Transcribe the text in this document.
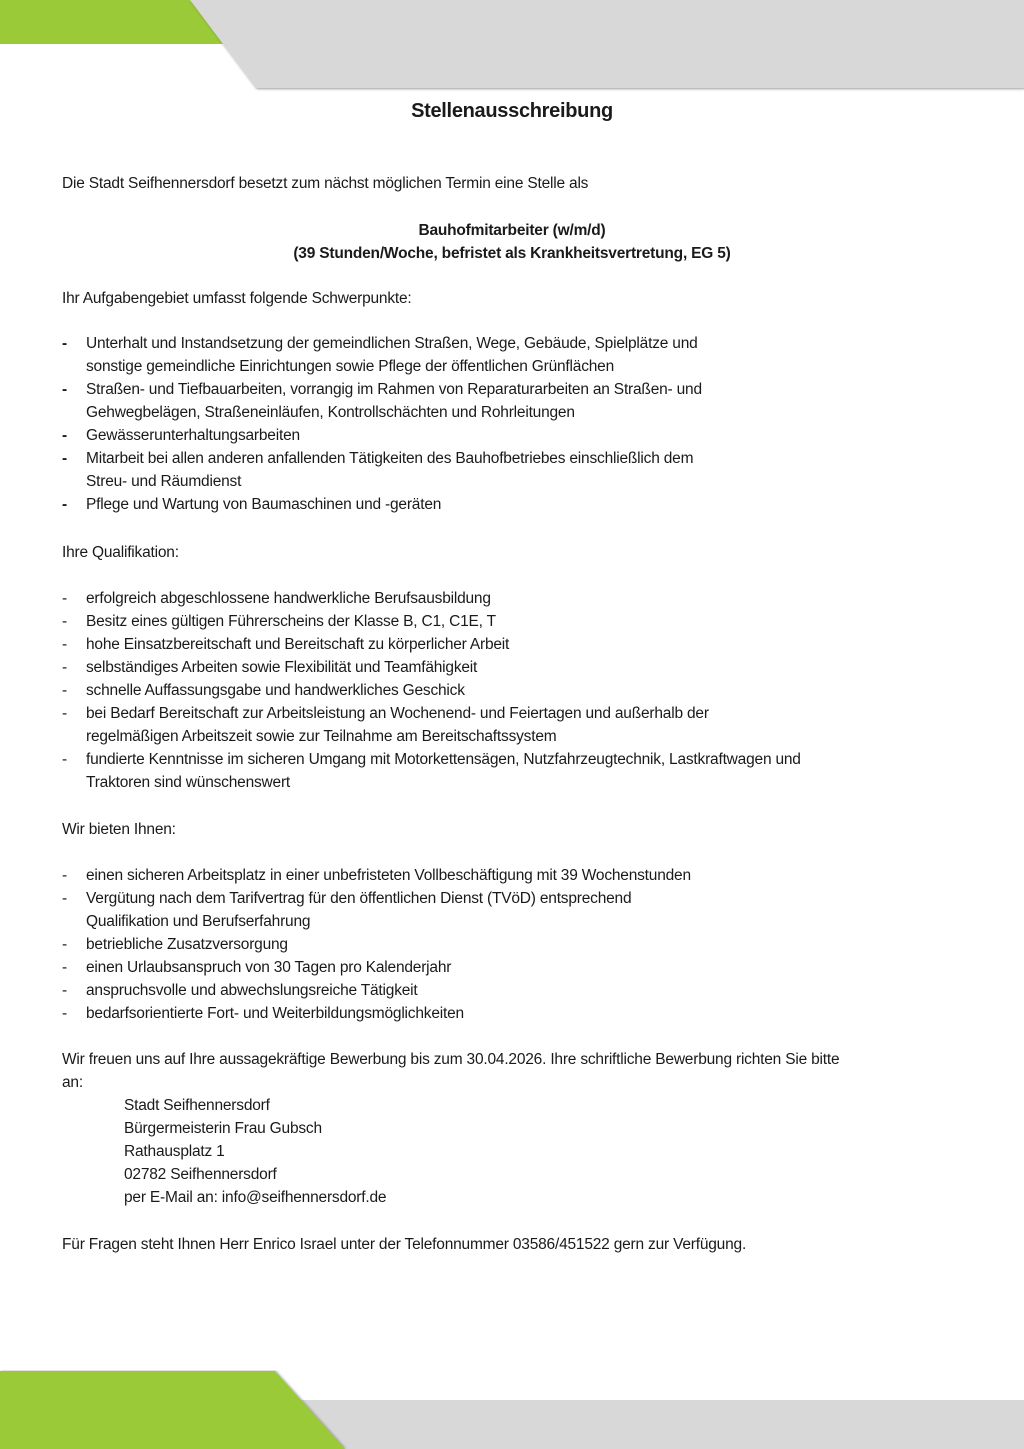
Stellenausschreibung
Die Stadt Seifhennersdorf besetzt zum nächst möglichen Termin eine Stelle als
Bauhofmitarbeiter (w/m/d)
(39 Stunden/Woche, befristet als Krankheitsvertretung, EG 5)
Ihr Aufgabengebiet umfasst folgende Schwerpunkte:
- Unterhalt und Instandsetzung der gemeindlichen Straßen, Wege, Gebäude, Spielplätze und
sonstige gemeindliche Einrichtungen sowie Pflege der öffentlichen Grünflächen
- Straßen- und Tiefbauarbeiten, vorrangig im Rahmen von Reparaturarbeiten an Straßen- und
Gehwegbelägen, Straßeneinläufen, Kontrollschächten und Rohrleitungen
- Gewässerunterhaltungsarbeiten
- Mitarbeit bei allen anderen anfallenden Tätigkeiten des Bauhofbetriebes einschließlich dem
Streu- und Räumdienst
- Pflege und Wartung von Baumaschinen und -geräten
Ihre Qualifikation:
- erfolgreich abgeschlossene handwerkliche Berufsausbildung
- Besitz eines gültigen Führerscheins der Klasse B, C1, C1E, T
- hohe Einsatzbereitschaft und Bereitschaft zu körperlicher Arbeit
- selbständiges Arbeiten sowie Flexibilität und Teamfähigkeit
- schnelle Auffassungsgabe und handwerkliches Geschick
- bei Bedarf Bereitschaft zur Arbeitsleistung an Wochenend- und Feiertagen und außerhalb der
regelmäßigen Arbeitszeit sowie zur Teilnahme am Bereitschaftssystem
- fundierte Kenntnisse im sicheren Umgang mit Motorkettensägen, Nutzfahrzeugtechnik, Lastkraftwagen und
Traktoren sind wünschenswert
Wir bieten Ihnen:
- einen sicheren Arbeitsplatz in einer unbefristeten Vollbeschäftigung mit 39 Wochenstunden
- Vergütung nach dem Tarifvertrag für den öffentlichen Dienst (TVöD) entsprechend
Qualifikation und Berufserfahrung
- betriebliche Zusatzversorgung
- einen Urlaubsanspruch von 30 Tagen pro Kalenderjahr
- anspruchsvolle und abwechslungsreiche Tätigkeit
- bedarfsorientierte Fort- und Weiterbildungsmöglichkeiten
Wir freuen uns auf Ihre aussagekräftige Bewerbung bis zum 30.04.2026. Ihre schriftliche Bewerbung richten Sie bitte
an:
Stadt Seifhennersdorf
Bürgermeisterin Frau Gubsch
Rathausplatz 1
02782 Seifhennersdorf
per E-Mail an: info@seifhennersdorf.de
Für Fragen steht Ihnen Herr Enrico Israel unter der Telefonnummer 03586/451522 gern zur Verfügung.
